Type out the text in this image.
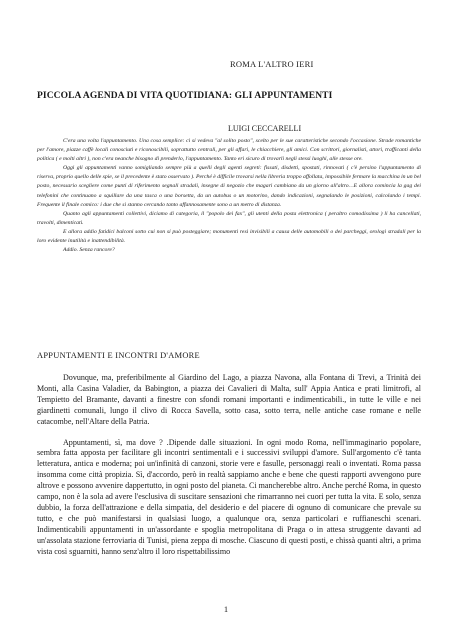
ROMA L'ALTRO IERI
PICCOLA AGENDA DI VITA QUOTIDIANA: GLI APPUNTAMENTI
LUIGI CECCARELLI

C'era una volta l'appuntamento. Una cosa semplice: ci si vedeva "al solito posto", scelto per le sue caratteristiche secondo l'occasione. Strade romantiche per l'amore, piazze caffè locali conosciuti e riconoscibili, soprattutto centrali, per gli affari, le chiacchiere, gli amici. Con scrittori, giornalisti, attori, trafficanti della politica ( e molti altri ), non c'era neanche bisogno di prenderlo, l'appuntamento. Tanto eri sicuro di trovarli negli stessi luoghi, alle stesse ore.

Oggi gli appuntamenti vanno somigliando sempre più a quelli degli agenti segreti: fissati, disdetti, spostati, rinnovati ( c'è persino l'appuntamento di riserva, proprio quello delle spie, se il precedente è stato osservato ). Perché è difficile trovarsi nella libreria troppo affollata, impossibile fermare la macchina in un bel posto, necessario scegliere come punti di riferimento segnali stradali, insegne di negozio che magari cambiano da un giorno all'altro…E allora comincia la gag dei telefonini che continuano a squillare da una tasca o una borsetta, da un autobus o un motorino, dando indicazioni, segnalando le posizioni, calcolando i tempi. Frequente il finale comico: i due che si stanno cercando tanto affannosamente sono a un metro di distanza.

Quanto agli appuntamenti collettivi, diciamo di categoria, il "popolo dei fax", gli utenti della posta elettronica ( peraltro comodissima ) li ha cancellati, travolti, dimenticati.

E allora addio fatidici balconi sotto cui non si può posteggiare; monumenti resi invisibili a causa delle automobili o dei parcheggi, orologi stradali per la loro evidente inutilità e inattendibilità.

Addio. Senza rancore?

APPUNTAMENTI E INCONTRI D'AMORE

Dovunque, ma, preferibilmente al Giardino del Lago, a piazza Navona, alla Fontana di Trevi, a Trinità dei Monti, alla Casina Valadier, da Babington, a piazza dei Cavalieri di Malta, sull' Appia Antica e prati limitrofi, al Tempietto del Bramante, davanti a finestre con sfondi romani importanti e indimenticabili., in tutte le ville e nei giardinetti comunali, lungo il clivo di Rocca Savella, sotto casa, sotto terra, nelle antiche case romane e nelle catacombe, nell'Altare della Patria.

Appuntamenti, sì, ma dove ? .Dipende dalle situazioni. In ogni modo Roma, nell'immaginario popolare, sembra fatta apposta per facilitare gli incontri sentimentali e i successivi sviluppi d'amore. Sull'argomento c'è tanta letteratura, antica e moderna; poi un'infinità di canzoni, storie vere e fasulle, personaggi reali o inventati. Roma passa insomma come città propizia. Sì, d'accordo, però in realtà sappiamo anche e bene che questi rapporti avvengono pure altrove e possono avvenire dappertutto, in ogni posto del pianeta. Ci mancherebbe altro. Anche perché Roma, in questo campo, non è la sola ad avere l'esclusiva di suscitare sensazioni che rimarranno nei cuori per tutta la vita. E solo, senza dubbio, la forza dell'attrazione e della simpatia, del desiderio e del piacere di ognuno di comunicare che prevale su tutto, e che può manifestarsi in qualsiasi luogo, a qualunque ora, senza particolari e ruffianeschi scenari. Indimenticabili appuntamenti in un'assordante e spoglia metropolitana di Praga o in attesa struggente davanti ad un'assolata stazione ferroviaria di Tunisi, piena zeppa di mosche. Ciascuno di questi posti, e chissà quanti altri, a prima vista così sguarniti, hanno senz'altro il loro rispettabilissimo

1
